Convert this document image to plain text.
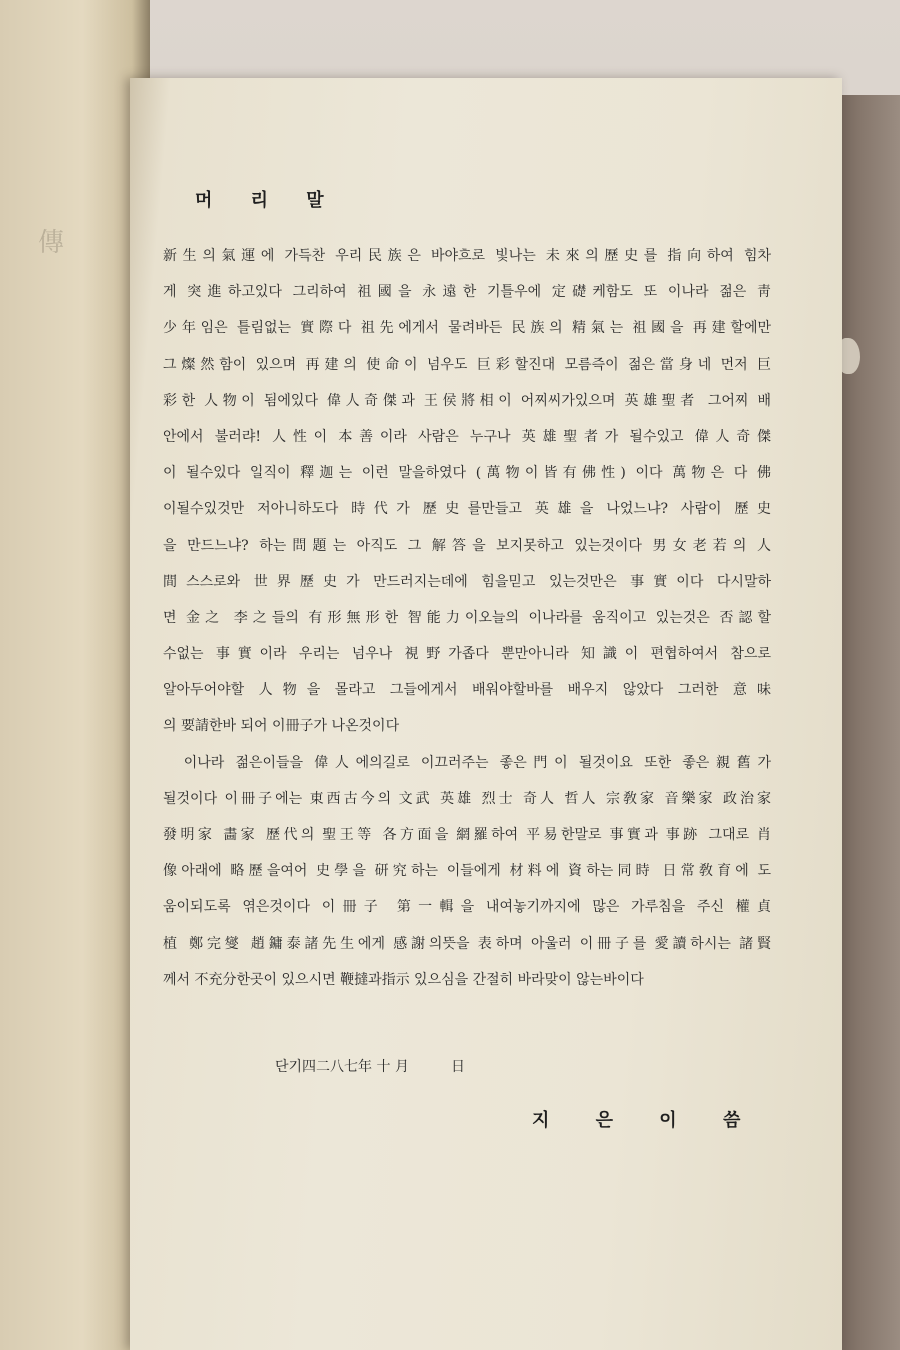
傳
머 리 말
新生의氣運에 가득찬 우리民族은 바야흐로 빛나는 未來의歷史를 指向하여 힘차
게 突進하고있다 그리하여 祖國을 永遠한 기틀우에 定礎케함도 또 이나라 젊은 靑
少年임은 틀림없는 實際다 祖先에게서 물려바든 民族의 精氣는 祖國을 再建할에만
그燦然함이 있으며 再建의 使命이 넘우도 巨彩할진대 모름즉이 젊은當身네 먼저 巨
彩한 人物이 됨에있다 偉人奇傑과 王侯將相이 어찌씨가있으며 英雄聖者 그어찌 배
안에서 불러랴! 人性이 本善이라 사람은 누구나 英雄聖者가 될수있고 偉人奇傑
이 될수있다 일직이 釋迦는 이런 말을하였다 (萬物이皆有佛性) 이다 萬物은 다 佛
이될수있것만 저아니하도다 時代가 歷史를만들고 英雄을 나었느냐? 사람이 歷史
을 만드느냐? 하는問題는 아직도 그 解答을 보지못하고 있는것이다 男女老若의 人
間스스로와 世界歷史가 만드러지는데에 힘을믿고 있는것만은 事實이다 다시말하
면 金之 李之들의 有形無形한 智能力이오늘의 이나라를 움직이고 있는것은 否認할
수없는 事實이라 우리는 넘우나 視野가좁다 뿐만아니라 知識이 편협하여서 참으로
알아두어야할 人物을 몰라고 그들에게서 배워야할바를 배우지 않았다 그러한 意味
의 要請한바 되어 이冊子가 나온것이다
　이나라 젊은이들을 偉人에의길로 이끄러주는 좋은門이 될것이요 또한 좋은親舊가
될것이다 이冊子에는 東西古今의 文武 英雄 烈士 奇人 哲人 宗敎家 音樂家 政治家
發明家 畵家 歷代의 聖王等 各方面을 網羅하여 平易한말로 事實과 事跡 그대로 肖
像아래에 略歷을여어 史學을 研究하는 이들에게 材料에 資하는同時 日常敎育에 도
움이되도록 엮은것이다 이冊子 第一輯을 내여놓기까지에 많은 가루침을 주신 權貞
植 鄭完燮 趙鏞泰諸先生에게 感謝의뜻을 表하며 아울러 이冊子를 愛讀하시는 諸賢
께서 不充分한곳이 있으시면 鞭撻과指示 있으심을 간절히 바라맞이 않는바이다
단기四二八七年 十 月　　　日
지 은 이 씀
